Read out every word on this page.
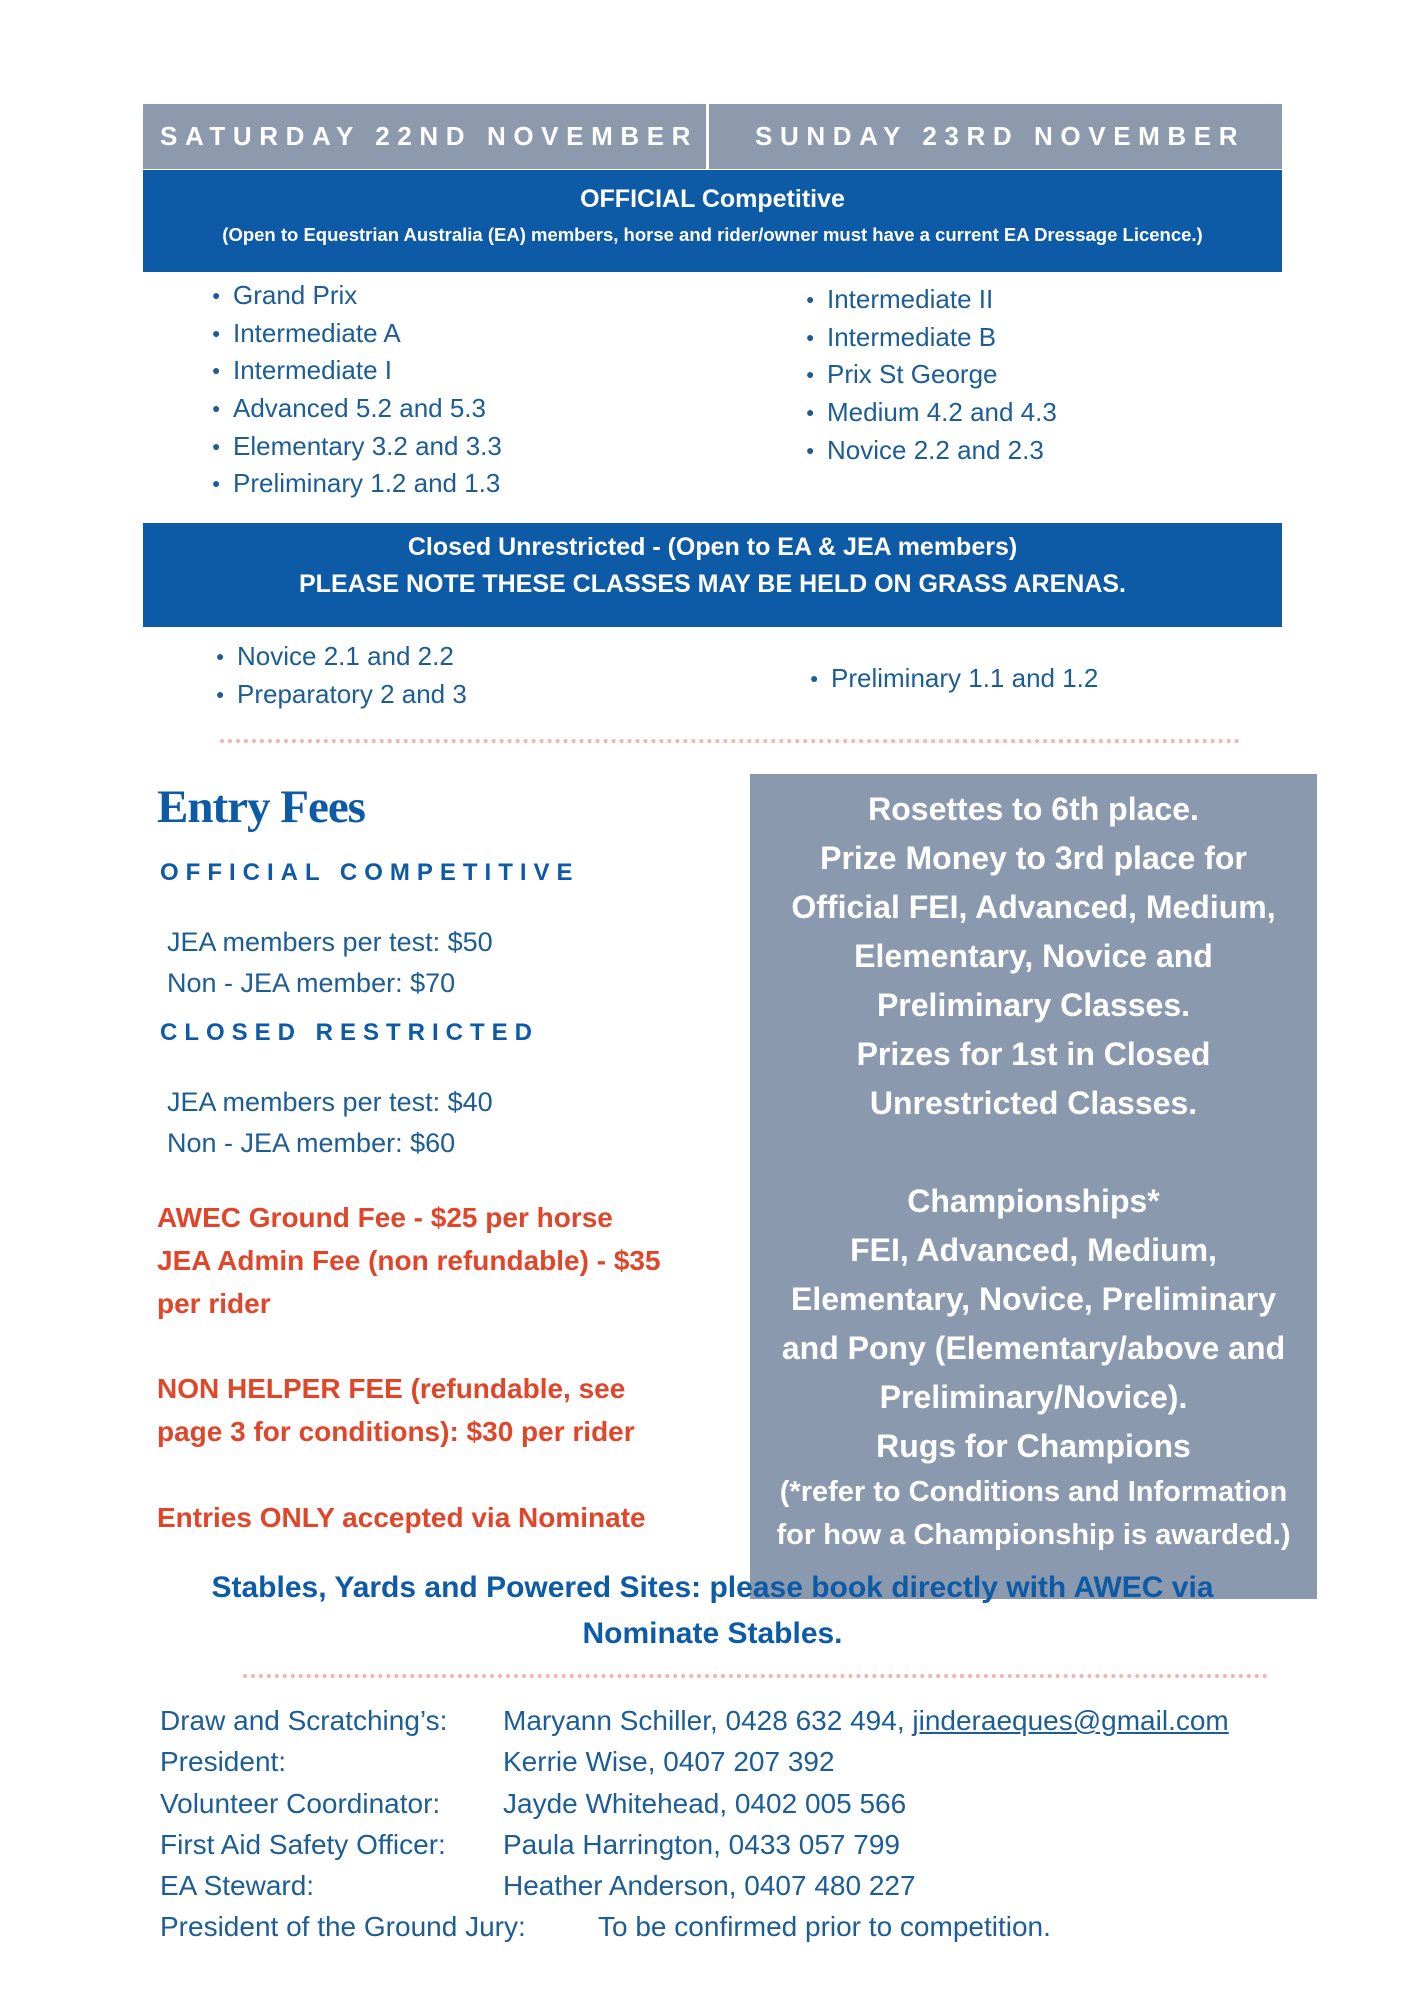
SATURDAY 22ND NOVEMBER SUNDAY 23RD NOVEMBER
OFFICIAL Competitive
(Open to Equestrian Australia (EA) members, horse and rider/owner must have a current EA Dressage Licence.)
● Grand Prix
● Intermediate A
● Intermediate I
● Advanced 5.2 and 5.3
● Elementary 3.2 and 3.3
● Preliminary 1.2 and 1.3
● Intermediate II
● Intermediate B
● Prix St George
● Medium 4.2 and 4.3
● Novice 2.2 and 2.3
Closed Unrestricted - (Open to EA & JEA members)
PLEASE NOTE THESE CLASSES MAY BE HELD ON GRASS ARENAS.
● Novice 2.1 and 2.2
● Preparatory 2 and 3
● Preliminary 1.1 and 1.2
Entry Fees
OFFICIAL COMPETITIVE
JEA members per test: $50
Non - JEA member: $70
CLOSED RESTRICTED
JEA members per test: $40
Non - JEA member: $60
AWEC Ground Fee - $25 per horse
JEA Admin Fee (non refundable) - $35
per rider
NON HELPER FEE (refundable, see
page 3 for conditions): $30 per rider
Entries ONLY accepted via Nominate
Rosettes to 6th place.
Prize Money to 3rd place for
Official FEI, Advanced, Medium,
Elementary, Novice and
Preliminary Classes.
Prizes for 1st in Closed
Unrestricted Classes.
Championships*
FEI, Advanced, Medium,
Elementary, Novice, Preliminary
and Pony (Elementary/above and
Preliminary/Novice).
Rugs for Champions
(*refer to Conditions and Information
for how a Championship is awarded.)
Stables, Yards and Powered Sites: please book directly with AWEC via
Nominate Stables.
Draw and Scratching’s: Maryann Schiller, 0428 632 494, jinderaeques@gmail.com
President:	Kerrie Wise, 0407 207 392
Volunteer Coordinator: Jayde Whitehead, 0402 005 566
First Aid Safety Officer: Paula Harrington, 0433 057 799
EA Steward:	Heather Anderson, 0407 480 227
President of the Ground Jury:	To be confirmed prior to competition.
